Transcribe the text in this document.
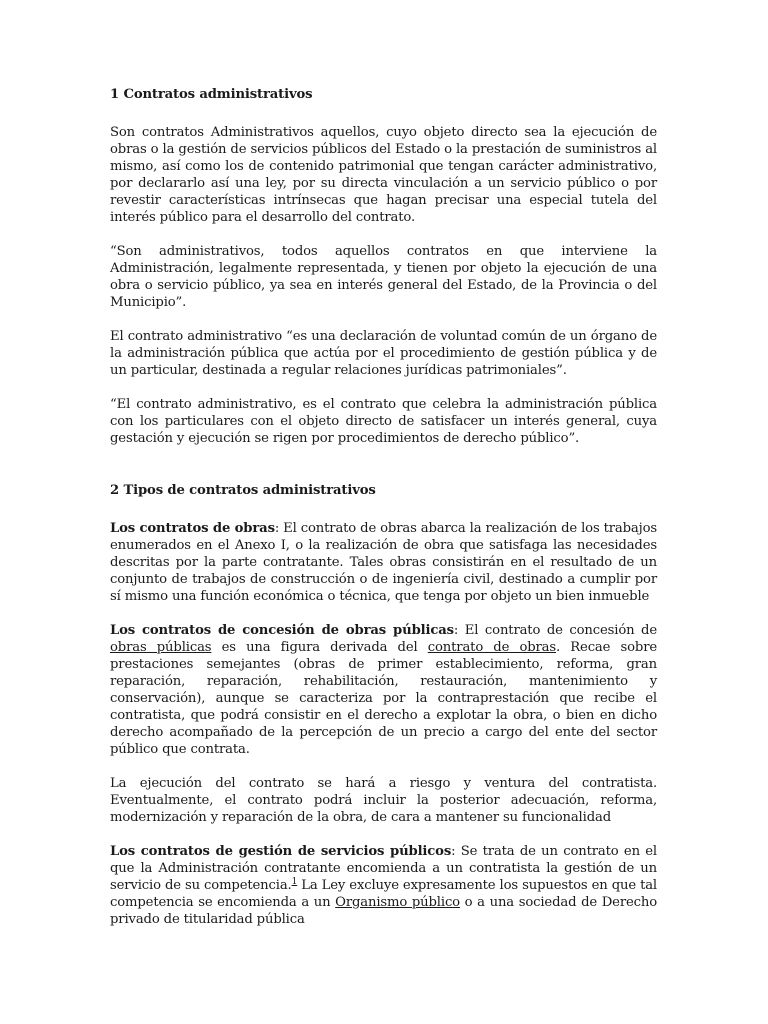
1 Contratos administrativos

Son contratos Administrativos aquellos, cuyo objeto directo sea la ejecución de obras o la gestión de servicios públicos del Estado o la prestación de suministros al mismo, así como los de contenido patrimonial que tengan carácter administrativo, por declararlo así una ley, por su directa vinculación a un servicio público o por revestir características intrínsecas que hagan precisar una especial tutela del interés público para el desarrollo del contrato.

“Son administrativos, todos aquellos contratos en que interviene la Administración, legalmente representada, y tienen por objeto la ejecución de una obra o servicio público, ya sea en interés general del Estado, de la Provincia o del Municipio”.

El contrato administrativo “es una declaración de voluntad común de un órgano de la administración pública que actúa por el procedimiento de gestión pública y de un particular, destinada a regular relaciones jurídicas patrimoniales”.

“El contrato administrativo, es el contrato que celebra la administración pública con los particulares con el objeto directo de satisfacer un interés general, cuya gestación y ejecución se rigen por procedimientos de derecho público”.

2 Tipos de contratos administrativos

Los contratos de obras: El contrato de obras abarca la realización de los trabajos enumerados en el Anexo I, o la realización de obra que satisfaga las necesidades descritas por la parte contratante. Tales obras consistirán en el resultado de un conjunto de trabajos de construcción o de ingeniería civil, destinado a cumplir por sí mismo una función económica o técnica, que tenga por objeto un bien inmueble

Los contratos de concesión de obras públicas: El contrato de concesión de obras públicas es una figura derivada del contrato de obras. Recae sobre prestaciones semejantes (obras de primer establecimiento, reforma, gran reparación, reparación, rehabilitación, restauración, mantenimiento y conservación), aunque se caracteriza por la contraprestación que recibe el contratista, que podrá consistir en el derecho a explotar la obra, o bien en dicho derecho acompañado de la percepción de un precio a cargo del ente del sector público que contrata.

La ejecución del contrato se hará a riesgo y ventura del contratista. Eventualmente, el contrato podrá incluir la posterior adecuación, reforma, modernización y reparación de la obra, de cara a mantener su funcionalidad

Los contratos de gestión de servicios públicos: Se trata de un contrato en el que la Administración contratante encomienda a un contratista la gestión de un servicio de su competencia.$^1$ La Ley excluye expresamente los supuestos en que tal competencia se encomienda a un Organismo público o a una sociedad de Derecho privado de titularidad pública
